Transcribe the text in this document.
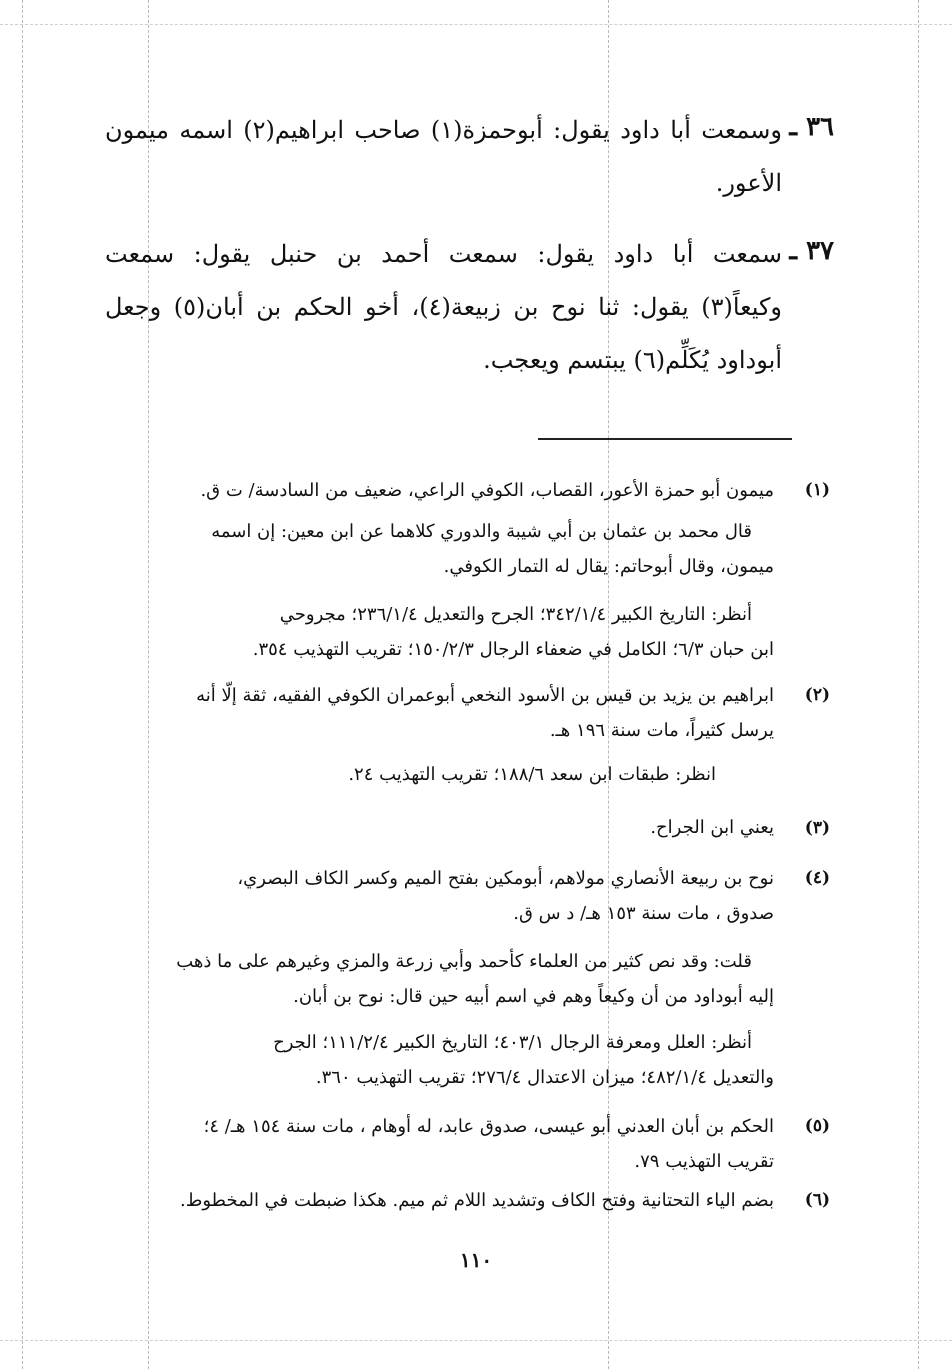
٣٦ ـ
وسمعت أبا داود يقول: أبوحمزة(١) صاحب ابراهيم(٢) اسمه ميمون
الأعور.
٣٧ ـ
سمعت أبا داود يقول: سمعت أحمد بن حنبل يقول: سمعت
وكيعاً(٣) يقول: ثنا نوح بن زبيعة(٤)، أخو الحكم بن أبان(٥) وجعل
أبوداود يُكَلِّم(٦) يبتسم ويعجب.
(١)
ميمون أبو حمزة الأعور، القصاب، الكوفي الراعي، ضعيف من السادسة/ ت ق.
قال محمد بن عثمان بن أبي شيبة والدوري كلاهما عن ابن معين: إن اسمه
ميمون، وقال أبوحاتم: يقال له التمار الكوفي.
أنظر: التاريخ الكبير ٣٤٢/١/٤؛ الجرح والتعديل ٢٣٦/١/٤؛ مجروحي
ابن حبان ٦/٣؛ الكامل في ضعفاء الرجال ١٥٠/٢/٣؛ تقريب التهذيب ٣٥٤.
(٢)
ابراهيم بن يزيد بن قيس بن الأسود النخعي أبوعمران الكوفي الفقيه، ثقة إلّا أنه
يرسل كثيراً، مات سنة ١٩٦ هـ.
انظر: طبقات ابن سعد ١٨٨/٦؛ تقريب التهذيب ٢٤.
(٣)
يعني ابن الجراح.
(٤)
نوح بن ربيعة الأنصاري مولاهم، أبومكين بفتح الميم وكسر الكاف البصري،
صدوق ، مات سنة ١٥٣ هـ/ د س ق.
قلت: وقد نص كثير من العلماء كأحمد وأبي زرعة والمزي وغيرهم على ما ذهب
إليه أبوداود من أن وكيعاً وهم في اسم أبيه حين قال: نوح بن أبان.
أنظر: العلل ومعرفة الرجال ٤٠٣/١؛ التاريخ الكبير ١١١/٢/٤؛ الجرح
والتعديل ٤٨٢/١/٤؛ ميزان الاعتدال ٢٧٦/٤؛ تقريب التهذيب ٣٦٠.
(٥)
الحكم بن أبان العدني أبو عيسى، صدوق عابد، له أوهام ، مات سنة ١٥٤ هـ/ ٤؛
تقريب التهذيب ٧٩.
(٦)
بضم الياء التحتانية وفتح الكاف وتشديد اللام ثم ميم. هكذا ضبطت في المخطوط.
١١٠
